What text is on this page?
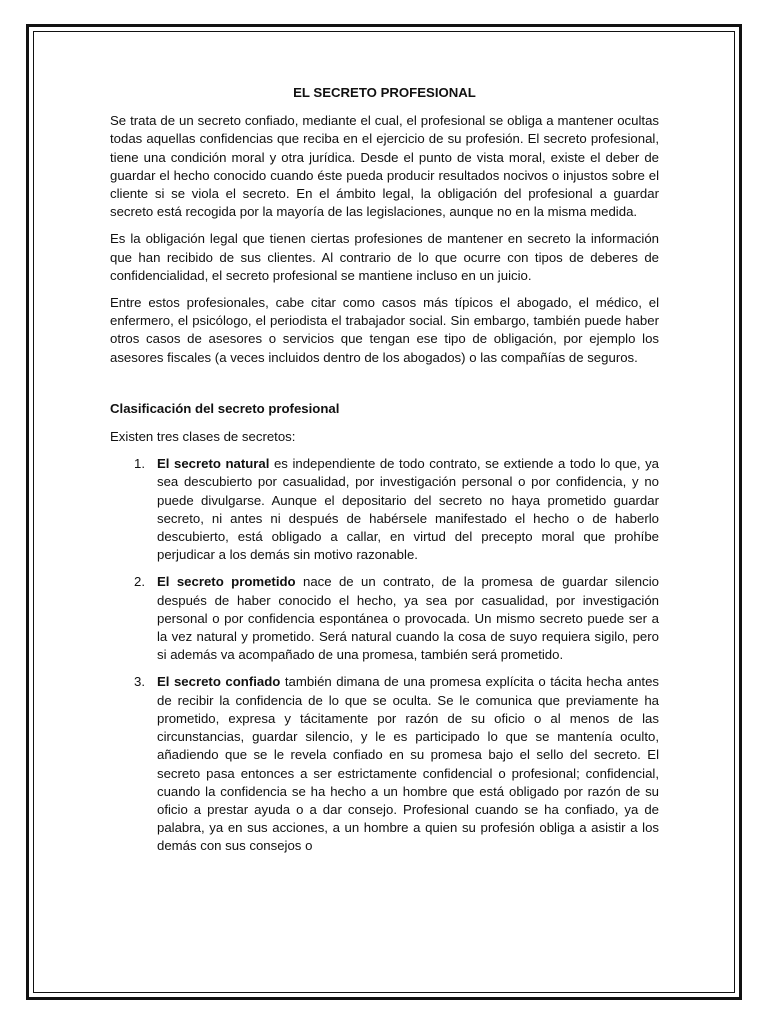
EL SECRETO PROFESIONAL

Se trata de un secreto confiado, mediante el cual, el profesional se obliga a mantener ocultas todas aquellas confidencias que reciba en el ejercicio de su profesión. El secreto profesional, tiene una condición moral y otra jurídica. Desde el punto de vista moral, existe el deber de guardar el hecho conocido cuando éste pueda producir resultados nocivos o injustos sobre el cliente si se viola el secreto. En el ámbito legal, la obligación del profesional a guardar secreto está recogida por la mayoría de las legislaciones, aunque no en la misma medida.

Es la obligación legal que tienen ciertas profesiones de mantener en secreto la información que han recibido de sus clientes. Al contrario de lo que ocurre con tipos de deberes de confidencialidad, el secreto profesional se mantiene incluso en un juicio.

Entre estos profesionales, cabe citar como casos más típicos el abogado, el médico, el enfermero, el psicólogo, el periodista el trabajador social. Sin embargo, también puede haber otros casos de asesores o servicios que tengan ese tipo de obligación, por ejemplo los asesores fiscales (a veces incluidos dentro de los abogados) o las compañías de seguros.

Clasificación del secreto profesional

Existen tres clases de secretos:

1. El secreto natural es independiente de todo contrato, se extiende a todo lo que, ya sea descubierto por casualidad, por investigación personal o por confidencia, y no puede divulgarse. Aunque el depositario del secreto no haya prometido guardar secreto, ni antes ni después de habérsele manifestado el hecho o de haberlo descubierto, está obligado a callar, en virtud del precepto moral que prohíbe perjudicar a los demás sin motivo razonable.
2. El secreto prometido nace de un contrato, de la promesa de guardar silencio después de haber conocido el hecho, ya sea por casualidad, por investigación personal o por confidencia espontánea o provocada. Un mismo secreto puede ser a la vez natural y prometido. Será natural cuando la cosa de suyo requiera sigilo, pero si además va acompañado de una promesa, también será prometido.
3. El secreto confiado también dimana de una promesa explícita o tácita hecha antes de recibir la confidencia de lo que se oculta. Se le comunica que previamente ha prometido, expresa y tácitamente por razón de su oficio o al menos de las circunstancias, guardar silencio, y le es participado lo que se mantenía oculto, añadiendo que se le revela confiado en su promesa bajo el sello del secreto. El secreto pasa entonces a ser estrictamente confidencial o profesional; confidencial, cuando la confidencia se ha hecho a un hombre que está obligado por razón de su oficio a prestar ayuda o a dar consejo. Profesional cuando se ha confiado, ya de palabra, ya en sus acciones, a un hombre a quien su profesión obliga a asistir a los demás con sus consejos o
